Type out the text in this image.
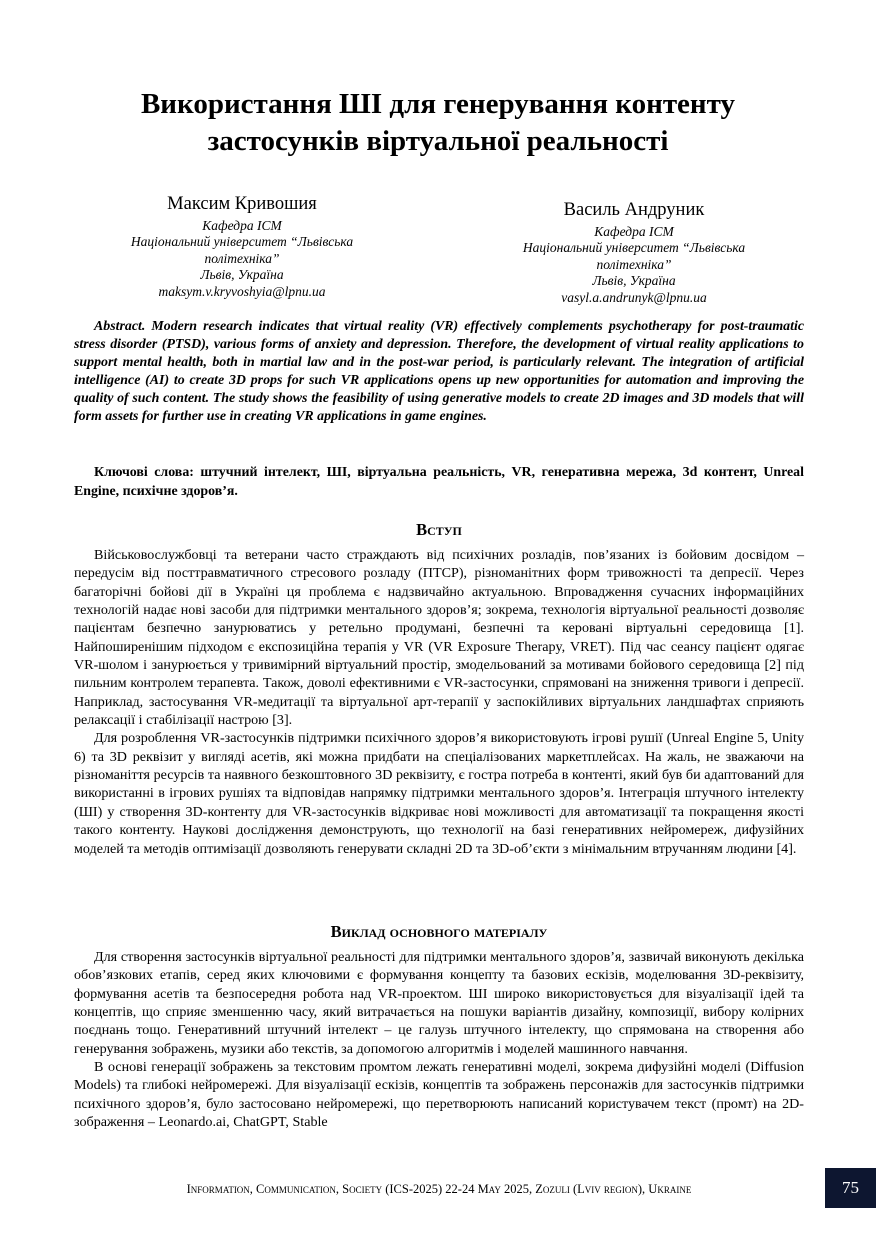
Використання ШІ для генерування контенту
застосунків віртуальної реальності
Максим Кривошия
Кафедра ІСМ
Національний університет “Львівська
політехніка”
Львів, Україна
maksym.v.kryvoshyia@lpnu.ua
Василь Андруник
Кафедра ІСМ
Національний університет “Львівська
політехніка”
Львів, Україна
vasyl.a.andrunyk@lpnu.ua

Abstract. Modern research indicates that virtual reality (VR) effectively complements psychotherapy for post-traumatic stress disorder (PTSD), various forms of anxiety and depression. Therefore, the development of virtual reality applications to support mental health, both in martial law and in the post-war period, is particularly relevant. The integration of artificial intelligence (AI) to create 3D props for such VR applications opens up new opportunities for automation and improving the quality of such content. The study shows the feasibility of using generative models to create 2D images and 3D models that will form assets for further use in creating VR applications in game engines.

Ключові слова: штучний інтелект, ШІ, віртуальна реальність, VR, генеративна мережа, 3d контент, Unreal Engine, психічне здоров’я.

Вступ

Військовослужбовці та ветерани часто страждають від психічних розладів, пов’язаних із бойовим досвідом – передусім від посттравматичного стресового розладу (ПТСР), різноманітних форм тривожності та депресії. Через багаторічні бойові дії в Україні ця проблема є надзвичайно актуальною. Впровадження сучасних інформаційних технологій надає нові засоби для підтримки ментального здоров’я; зокрема, технологія віртуальної реальності дозволяє пацієнтам безпечно занурюватись у ретельно продумані, безпечні та керовані віртуальні середовища [1]. Найпоширенішим підходом є експозиційна терапія у VR (VR Exposure Therapy, VRET). Під час сеансу пацієнт одягає VR-шолом і занурюється у тривимірний віртуальний простір, змодельований за мотивами бойового середовища [2] під пильним контролем терапевта. Також, доволі ефективними є VR-застосунки, спрямовані на зниження тривоги і депресії. Наприклад, застосування VR-медитації та віртуальної арт-терапії у заспокійливих віртуальних ландшафтах сприяють релаксації і стабілізації настрою [3].

Для розроблення VR-застосунків підтримки психічного здоров’я використовують ігрові рушії (Unreal Engine 5, Unity 6) та 3D реквізит у вигляді асетів, які можна придбати на спеціалізованих маркетплейсах. На жаль, не зважаючи на різноманіття ресурсів та наявного безкоштовного 3D реквізиту, є гостра потреба в контенті, який був би адаптований для використанні в ігрових рушіях та відповідав напрямку підтримки ментального здоров’я. Інтеграція штучного інтелекту (ШІ) у створення 3D-контенту для VR-застосунків відкриває нові можливості для автоматизації та покращення якості такого контенту. Наукові дослідження демонструють, що технології на базі генеративних нейромереж, дифузійних моделей та методів оптимізації дозволяють генерувати складні 2D та 3D-об’єкти з мінімальним втручанням людини [4].

Виклад основного матеріалу

Для створення застосунків віртуальної реальності для підтримки ментального здоров’я, зазвичай виконують декілька обов’язкових етапів, серед яких ключовими є формування концепту та базових ескізів, моделювання 3D-реквізиту, формування асетів та безпосередня робота над VR-проектом. ШІ широко використовується для візуалізації ідей та концептів, що сприяє зменшенню часу, який витрачається на пошуки варіантів дизайну, композиції, вибору колірних поєднань тощо. Генеративний штучний інтелект – це галузь штучного інтелекту, що спрямована на створення або генерування зображень, музики або текстів, за допомогою алгоритмів і моделей машинного навчання.

В основі генерації зображень за текстовим промтом лежать генеративні моделі, зокрема дифузійні моделі (Diffusion Models) та глибокі нейромережі. Для візуалізації ескізів, концептів та зображень персонажів для застосунків підтримки психічного здоров’я, було застосовано нейромережі, що перетворюють написаний користувачем текст (промт) на 2D-зображення – Leonardo.ai, ChatGPT, Stable

Information, Communication, Society (ICS-2025) 22-24 May 2025, Zozuli (Lviv region), Ukraine	75
